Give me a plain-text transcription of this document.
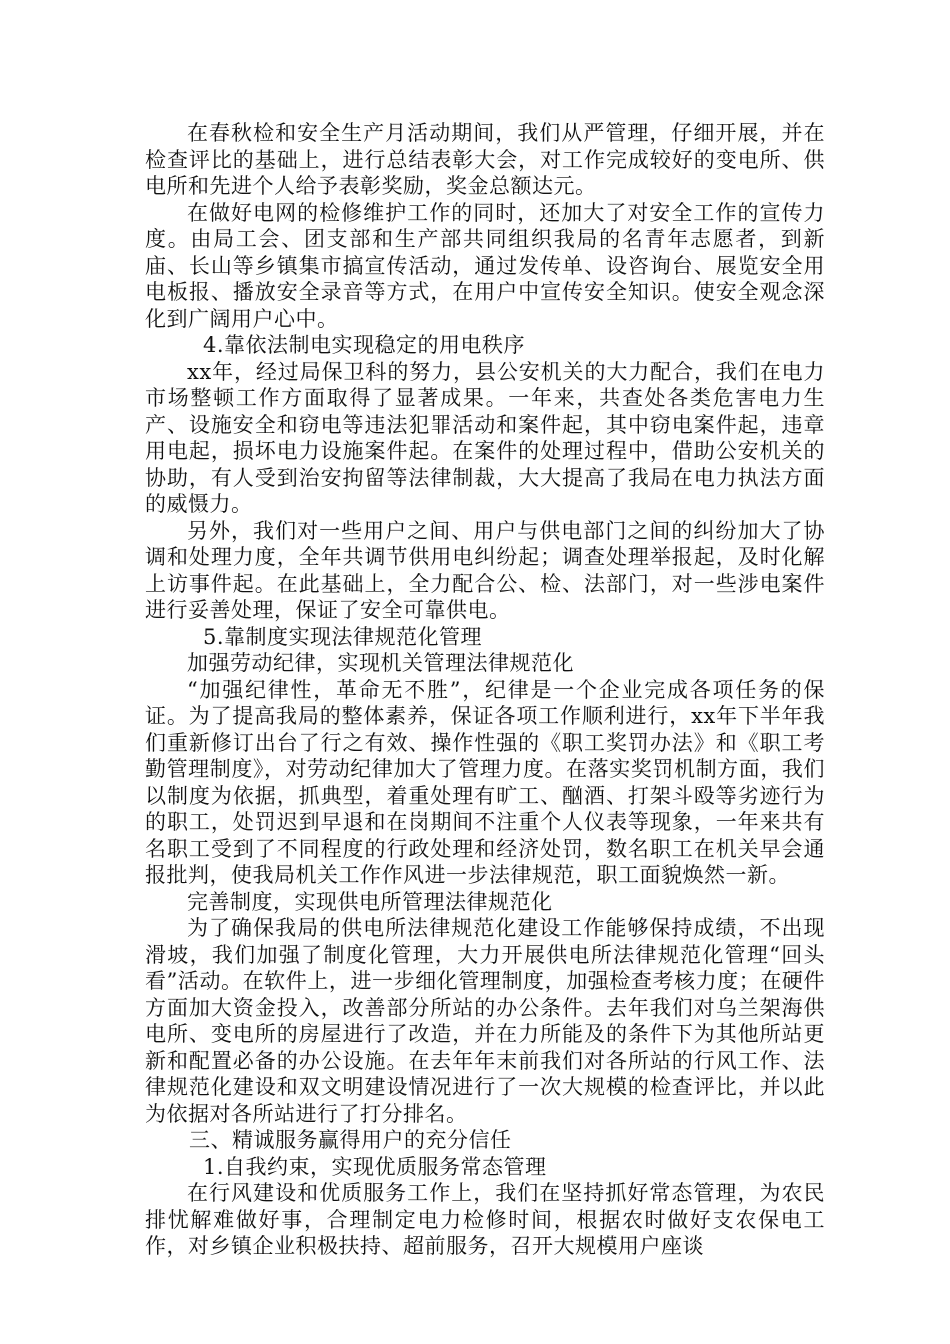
在春秋检和安全生产月活动期间，我们从严管理，仔细开展，并在检查评比的基础上，进行总结表彰大会，对工作完成较好的变电所、供电所和先进个人给予表彰奖励，奖金总额达元。

在做好电网的检修维护工作的同时，还加大了对安全工作的宣传力度。由局工会、团支部和生产部共同组织我局的名青年志愿者，到新庙、长山等乡镇集市搞宣传活动，通过发传单、设咨询台、展览安全用电板报、播放安全录音等方式，在用户中宣传安全知识。使安全观念深化到广阔用户心中。

4.靠依法制电实现稳定的用电秩序

xx年，经过局保卫科的努力，县公安机关的大力配合，我们在电力市场整顿工作方面取得了显著成果。一年来，共查处各类危害电力生产、设施安全和窃电等违法犯罪活动和案件起，其中窃电案件起，违章用电起，损坏电力设施案件起。在案件的处理过程中，借助公安机关的协助，有人受到治安拘留等法律制裁，大大提高了我局在电力执法方面的威慑力。

另外，我们对一些用户之间、用户与供电部门之间的纠纷加大了协调和处理力度，全年共调节供用电纠纷起；调查处理举报起，及时化解上访事件起。在此基础上，全力配合公、检、法部门，对一些涉电案件进行妥善处理，保证了安全可靠供电。

5.靠制度实现法律规范化管理

加强劳动纪律，实现机关管理法律规范化

“加强纪律性，革命无不胜”，纪律是一个企业完成各项任务的保证。为了提高我局的整体素养，保证各项工作顺利进行，xx年下半年我们重新修订出台了行之有效、操作性强的《职工奖罚办法》和《职工考勤管理制度》，对劳动纪律加大了管理力度。在落实奖罚机制方面，我们以制度为依据，抓典型，着重处理有旷工、酗酒、打架斗殴等劣迹行为的职工，处罚迟到早退和在岗期间不注重个人仪表等现象，一年来共有名职工受到了不同程度的行政处理和经济处罚，数名职工在机关早会通报批判，使我局机关工作作风进一步法律规范，职工面貌焕然一新。

完善制度，实现供电所管理法律规范化

为了确保我局的供电所法律规范化建设工作能够保持成绩，不出现滑坡，我们加强了制度化管理，大力开展供电所法律规范化管理“回头看”活动。在软件上，进一步细化管理制度，加强检查考核力度；在硬件方面加大资金投入，改善部分所站的办公条件。去年我们对乌兰架海供电所、变电所的房屋进行了改造，并在力所能及的条件下为其他所站更新和配置必备的办公设施。在去年年末前我们对各所站的行风工作、法律规范化建设和双文明建设情况进行了一次大规模的检查评比，并以此为依据对各所站进行了打分排名。

三、精诚服务赢得用户的充分信任

1.自我约束，实现优质服务常态管理

在行风建设和优质服务工作上，我们在坚持抓好常态管理，为农民排忧解难做好事，合理制定电力检修时间，根据农时做好支农保电工作，对乡镇企业积极扶持、超前服务，召开大规模用户座谈
